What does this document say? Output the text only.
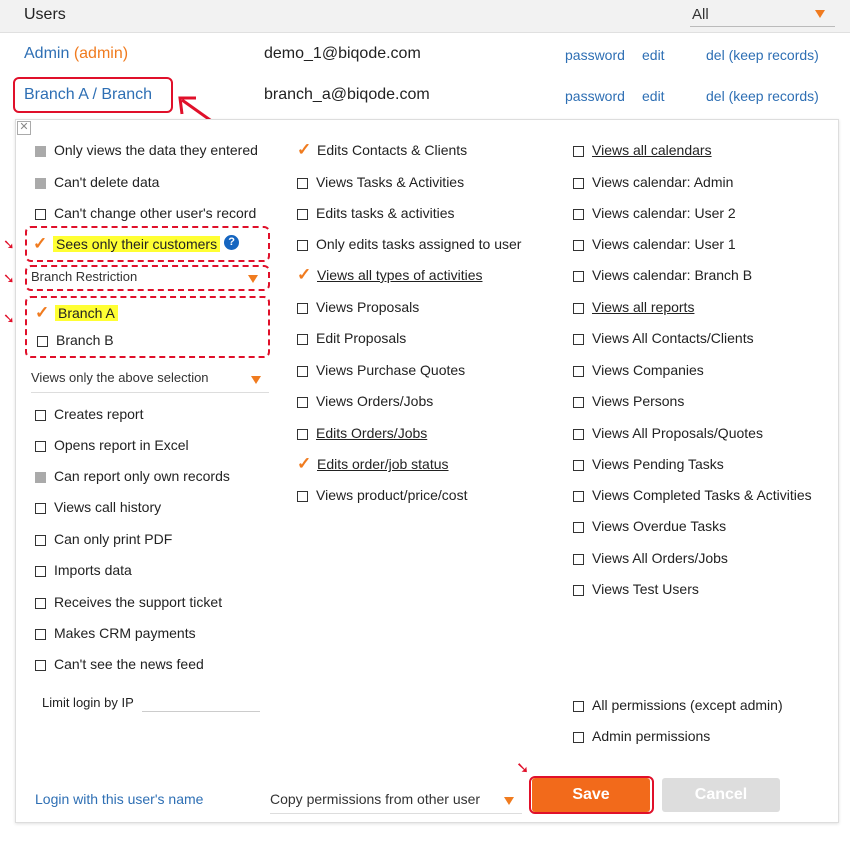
Users	All
Admin (admin)	demo_1@biqode.com	password edit	del (keep records)
Branch A / Branch	branch_a@biqode.com	password edit	del (keep records)
✕
Only views the data they entered
Can't delete data
Can't change other user's record
➘ ✓ Sees only their customers ?
➘ Branch Restriction
➘ ✓ Branch A
Branch B
Views only the above selection
Creates report
Opens report in Excel
Can report only own records
Views call history
Can only print PDF
Imports data
Receives the support ticket
Makes CRM payments
Can't see the news feed
Limit login by IP
✓ Edits Contacts & Clients
Views Tasks & Activities
Edits tasks & activities
Only edits tasks assigned to user
✓ Views all types of activities
Views Proposals
Edit Proposals
Views Purchase Quotes
Views Orders/Jobs
Edits Orders/Jobs
✓ Edits order/job status
Views product/price/cost
Views all calendars
Views calendar: Admin
Views calendar: User 2
Views calendar: User 1
Views calendar: Branch B
Views all reports
Views All Contacts/Clients
Views Companies
Views Persons
Views All Proposals/Quotes
Views Pending Tasks
Views Completed Tasks & Activities
Views Overdue Tasks
Views All Orders/Jobs
Views Test Users
All permissions (except admin)
Admin permissions
Login with this user's name	Copy permissions from other user
➘
Save	Cancel
